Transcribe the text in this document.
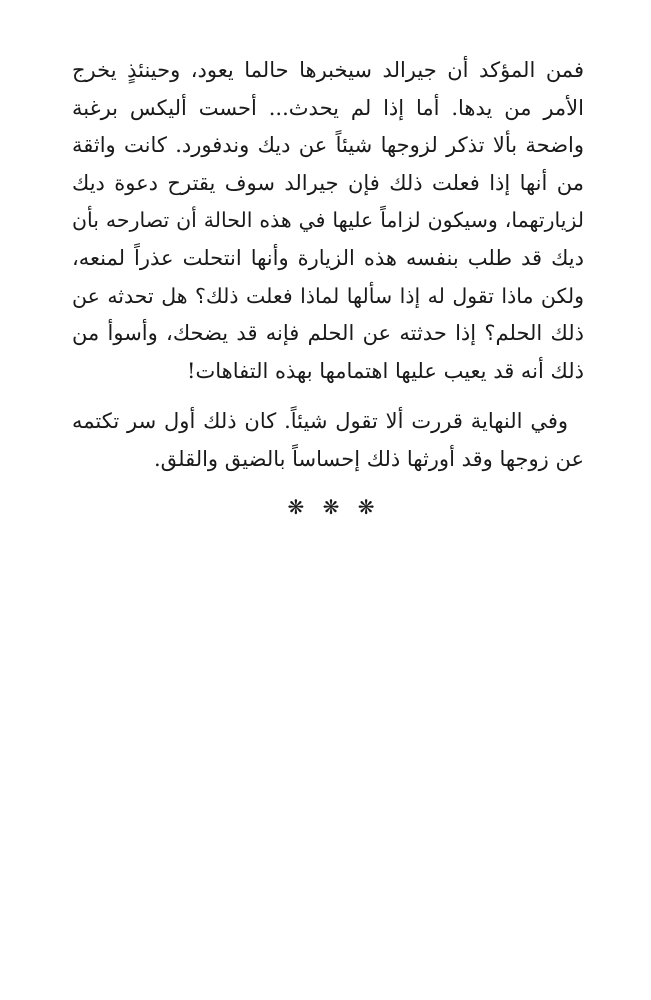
فمن المؤكد أن جيرالد سيخبرها حالما يعود، وحينئذٍ يخرج
الأمر من يدها. أما إذا لم يحدث... أحست أليكس برغبة
واضحة بألا تذكر لزوجها شيئاً عن ديك وندفورد. كانت واثقة
من أنها إذا فعلت ذلك فإن جيرالد سوف يقترح دعوة ديك
لزيارتهما، وسيكون لزاماً عليها في هذه الحالة أن تصارحه بأن
ديك قد طلب بنفسه هذه الزيارة وأنها انتحلت عذراً لمنعه،
ولكن ماذا تقول له إذا سألها لماذا فعلت ذلك؟ هل تحدثه عن
ذلك الحلم؟ إذا حدثته عن الحلم فإنه قد يضحك، وأسوأ من
ذلك أنه قد يعيب عليها اهتمامها بهذه التفاهات!

وفي النهاية قررت ألا تقول شيئاً. كان ذلك أول سر تكتمه
عن زوجها وقد أورثها ذلك إحساساً بالضيق والقلق.

❋ ❋ ❋
